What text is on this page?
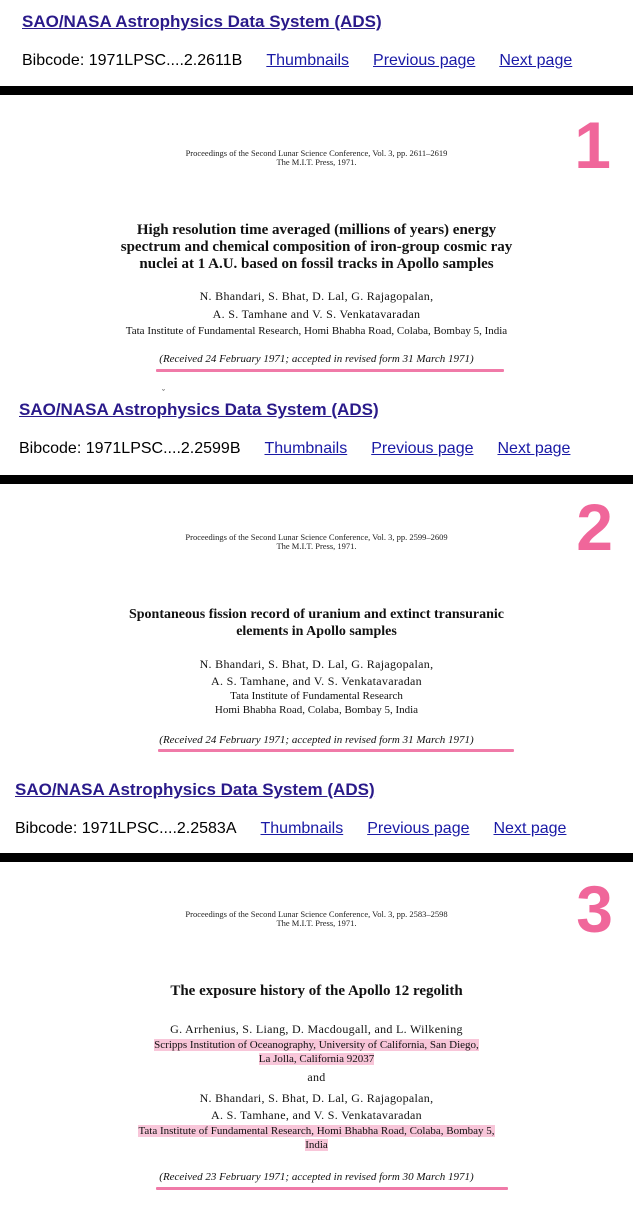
SAO/NASA Astrophysics Data System (ADS)
Bibcode: 1971LPSC....2.2611B Thumbnails Previous page Next page
Proceedings of the Second Lunar Science Conference, Vol. 3, pp. 2611–2619
The M.I.T. Press, 1971.	1
High resolution time averaged (millions of years) energy
spectrum and chemical composition of iron-group cosmic ray
nuclei at 1 A.U. based on fossil tracks in Apollo samples
N. Bhandari, S. Bhat, D. Lal, G. Rajagopalan,
A. S. Tamhane and V. S. Venkatavaradan
Tata Institute of Fundamental Research, Homi Bhabha Road, Colaba, Bombay 5, India
(Received 24 February 1971; accepted in revised form 31 March 1971)
ˇ
SAO/NASA Astrophysics Data System (ADS)
Bibcode: 1971LPSC....2.2599B Thumbnails Previous page Next page
Proceedings of the Second Lunar Science Conference, Vol. 3, pp. 2599–2609
The M.I.T. Press, 1971.	2
Spontaneous fission record of uranium and extinct transuranic
elements in Apollo samples
N. Bhandari, S. Bhat, D. Lal, G. Rajagopalan,
A. S. Tamhane, and V. S. Venkatavaradan
Tata Institute of Fundamental Research
Homi Bhabha Road, Colaba, Bombay 5, India
(Received 24 February 1971; accepted in revised form 31 March 1971)
SAO/NASA Astrophysics Data System (ADS)
Bibcode: 1971LPSC....2.2583A Thumbnails Previous page Next page
Proceedings of the Second Lunar Science Conference, Vol. 3, pp. 2583–2598
The M.I.T. Press, 1971.	3
The exposure history of the Apollo 12 regolith
G. Arrhenius, S. Liang, D. Macdougall, and L. Wilkening
Scripps Institution of Oceanography, University of California, San Diego,
La Jolla, California 92037
and
N. Bhandari, S. Bhat, D. Lal, G. Rajagopalan,
A. S. Tamhane, and V. S. Venkatavaradan
Tata Institute of Fundamental Research, Homi Bhabha Road, Colaba, Bombay 5,
India
(Received 23 February 1971; accepted in revised form 30 March 1971)
